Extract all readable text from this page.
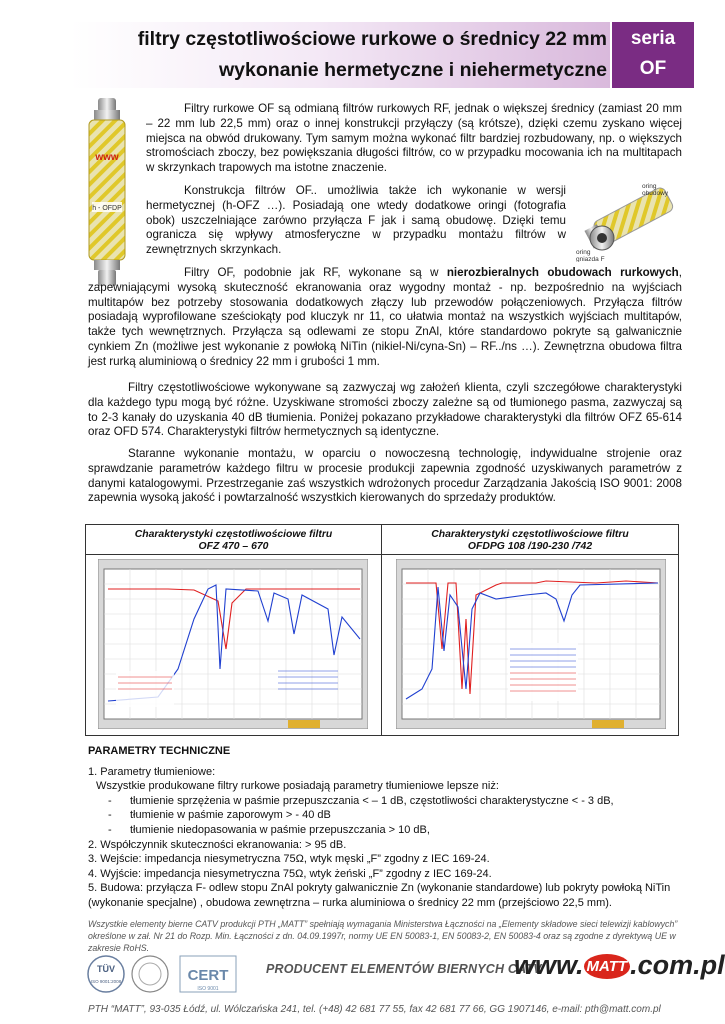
filtry częstotliwościowe rurkowe o średnicy 22 mm
wykonanie hermetyczne i niehermetyczne
seria
OF
www
h - OFDP
oring
obudowy
oring
gniazda F
Filtry rurkowe OF są odmianą filtrów rurkowych RF, jednak o większej średnicy (zamiast 20 mm – 22 mm lub 22,5 mm) oraz o innej konstrukcji przyłączy (są krótsze), dzięki czemu zyskano więcej miejsca na obwód drukowany. Tym samym można wykonać filtr bardziej rozbudowany, np. o większych stromościach zboczy, bez powiększania długości filtrów, co w przypadku mocowania ich na multitapach w skrzynkach trapowych ma istotne znaczenie.
Konstrukcja filtrów OF.. umożliwia także ich wykonanie w wersji hermetycznej (h-OFZ …). Posiadają one wtedy dodatkowe oringi (fotografia obok) uszczelniające zarówno przyłącza F jak i samą obudowę. Dzięki temu ogranicza się wpływy atmosferyczne w przypadku montażu filtrów w zewnętrznych skrzynkach.
Filtry OF, podobnie jak RF, wykonane są w nierozbieralnych obudowach rurkowych, zapewniającymi wysoką skuteczność ekranowania oraz wygodny montaż - np. bezpośrednio na wyjściach multitapów bez potrzeby stosowania dodatkowych złączy lub przewodów połączeniowych. Przyłącza filtrów posiadają wyprofilowane sześciokąty pod kluczyk nr 11, co ułatwia montaż na wszystkich wyjściach multitapów, także tych wewnętrznych. Przyłącza są odlewami ze stopu ZnAl, które standardowo pokryte są galwanicznie cynkiem Zn (możliwe jest wykonanie z powłoką NiTin (nikiel-Ni/cyna-Sn) – RF../ns …). Zewnętrzna obudowa filtra jest rurką aluminiową o średnicy 22 mm i grubości 1 mm.
Filtry częstotliwościowe wykonywane są zazwyczaj wg założeń klienta, czyli szczegółowe charakterystyki dla każdego typu mogą być różne. Uzyskiwane stromości zboczy zależne są od tłumionego pasma, zazwyczaj są to 2-3 kanały do uzyskania 40 dB tłumienia. Poniżej pokazano przykładowe charakterystyki dla filtrów OFZ 65-614 oraz OFD 574. Charakterystyki filtrów hermetycznych są identyczne.
Staranne wykonanie montażu, w oparciu o nowoczesną technologię, indywidualne strojenie oraz sprawdzanie parametrów każdego filtru w procesie produkcji zapewnia zgodność uzyskiwanych parametrów z danymi katalogowymi. Przestrzeganie zaś wszystkich wdrożonych procedur Zarządzania Jakością ISO 9001: 2008 zapewnia wysoką jakość i powtarzalność wszystkich kierowanych do sprzedaży produktów.
Charakterystyki częstotliwościowe filtru
OFZ 470 – 670
Charakterystyki częstotliwościowe filtru
OFDPG 108 /190-230 /742
PARAMETRY TECHNICZNE
1. Parametry tłumieniowe:
Wszystkie produkowane filtry rurkowe posiadają parametry tłumieniowe lepsze niż:
- tłumienie sprzężenia w paśmie przepuszczania < – 1 dB, częstotliwości charakterystyczne < - 3 dB,
- tłumienie w paśmie zaporowym > - 40 dB
- tłumienie niedopasowania w paśmie przepuszczania > 10 dB,
2. Współczynnik skuteczności ekranowania: > 95 dB.
3. Wejście: impedancja niesymetryczna 75Ω, wtyk męski „F” zgodny z IEC 169-24.
4. Wyjście: impedancja niesymetryczna 75Ω, wtyk żeński „F” zgodny z IEC 169-24.
5. Budowa: przyłącza F- odlew stopu ZnAl pokryty galwanicznie Zn (wykonanie standardowe) lub pokryty powłoką NiTin (wykonanie specjalne) , obudowa zewnętrzna – rurka aluminiowa o średnicy 22 mm (przejściowo 22,5 mm).
Wszystkie elementy bierne CATV produkcji PTH „MATT” spełniają wymagania Ministerstwa Łączności na „Elementy składowe sieci telewizji kablowych” określone w zał. Nr 21 do Rozp. Min. Łączności z dn. 04.09.1997r, normy UE EN 50083-1, EN 50083-2, EN 50083-4 oraz są zgodne z dyrektywą UE w zakresie RoHS.
TÜV
ISO 9001:2008	CERT
ISO 9001
PRODUCENT ELEMENTÓW BIERNYCH CATV
www. MATT .com.pl
PTH “MATT”, 93-035 Łódź, ul. Wólczańska 241, tel. (+48) 42 681 77 55, fax 42 681 77 66, GG 1907146, e-mail: pth@matt.com.pl
